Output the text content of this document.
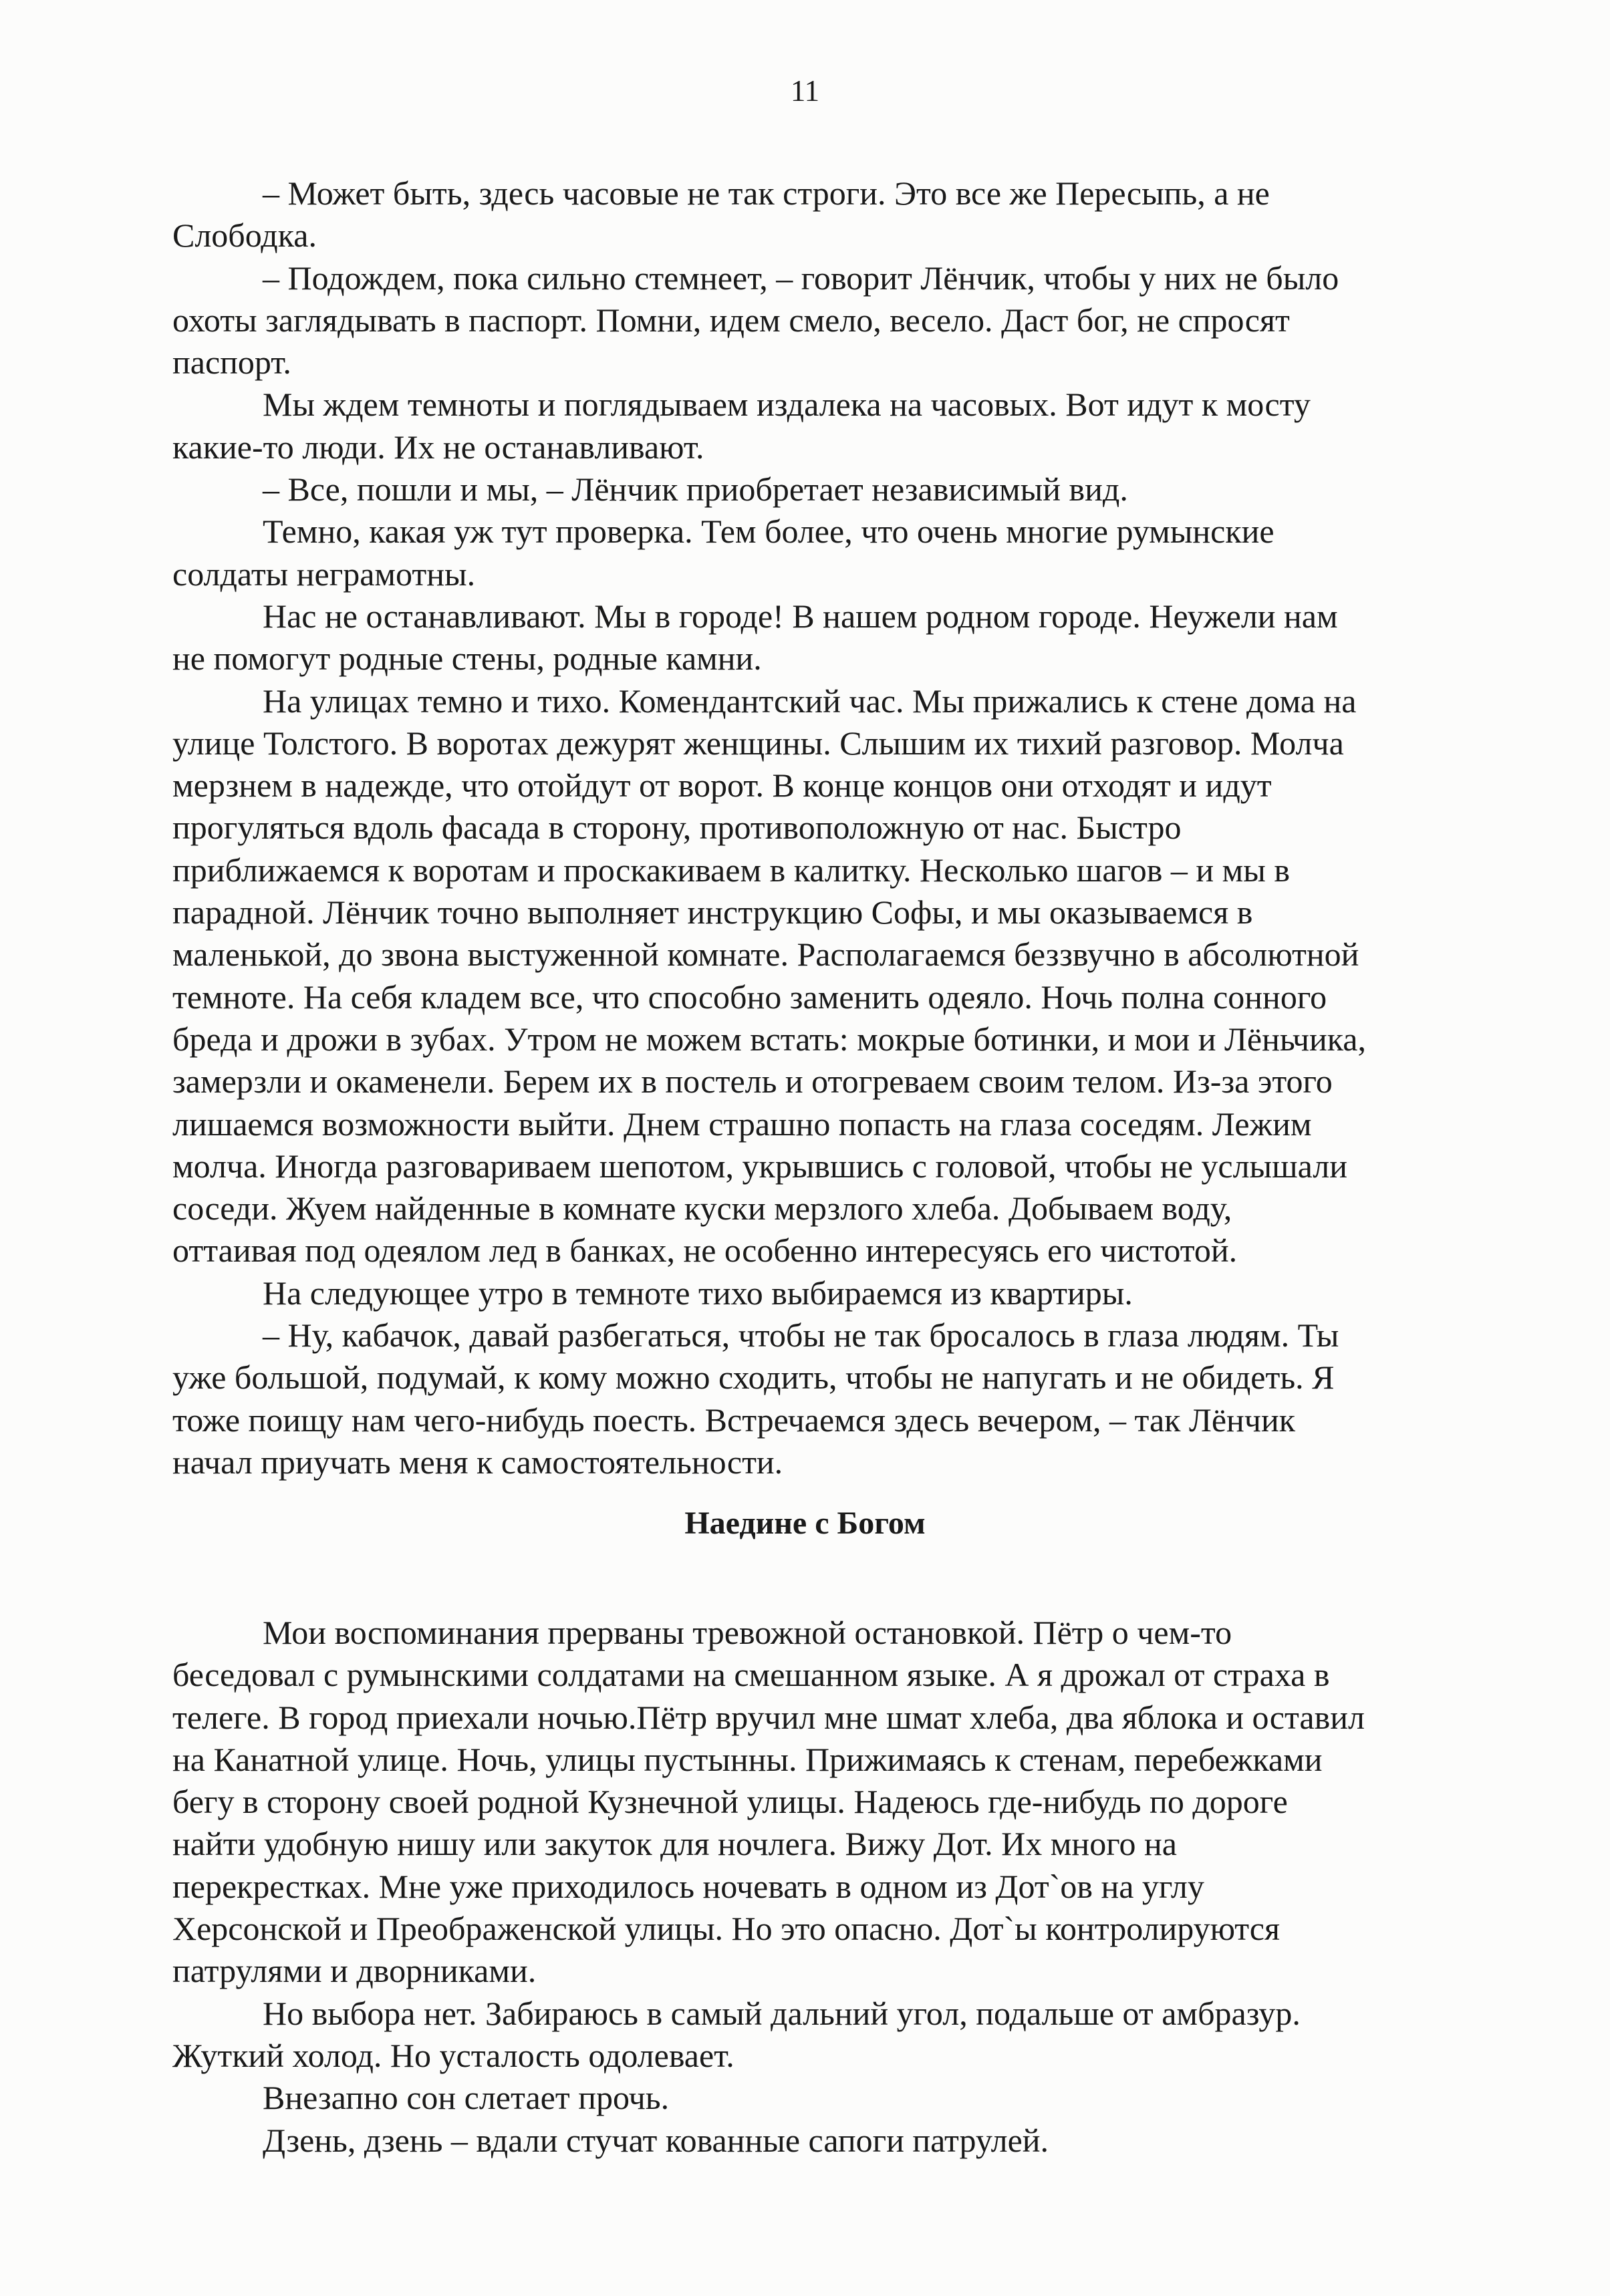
11

– Может быть, здесь часовые не так строги. Это все же Пересыпь, а не
Слободка.

– Подождем, пока сильно стемнеет, – говорит Лёнчик, чтобы у них не было
охоты заглядывать в паспорт. Помни, идем смело, весело. Даст бог, не спросят
паспорт.

Мы ждем темноты и поглядываем издалека на часовых. Вот идут к мосту
какие-то люди. Их не останавливают.

– Все, пошли и мы, – Лёнчик приобретает независимый вид.

Темно, какая уж тут проверка. Тем более, что очень многие румынские
солдаты неграмотны.

Нас не останавливают. Мы в городе! В нашем родном городе. Неужели нам
не помогут родные стены, родные камни.

На улицах темно и тихо. Комендантский час. Мы прижались к стене дома на
улице Толстого. В воротах дежурят женщины. Слышим их тихий разговор. Молча
мерзнем в надежде, что отойдут от ворот. В конце концов они отходят и идут
прогуляться вдоль фасада в сторону, противоположную от нас. Быстро
приближаемся к воротам и проскакиваем в калитку. Несколько шагов – и мы в
парадной. Лёнчик точно выполняет инструкцию Софы, и мы оказываемся в
маленькой, до звона выстуженной комнате. Располагаемся беззвучно в абсолютной
темноте. На себя кладем все, что способно заменить одеяло. Ночь полна сонного
бреда и дрожи в зубах. Утром не можем встать: мокрые ботинки, и мои и Лёньчика,
замерзли и окаменели. Берем их в постель и отогреваем своим телом. Из-за этого
лишаемся возможности выйти. Днем страшно попасть на глаза соседям. Лежим
молча. Иногда разговариваем шепотом, укрывшись с головой, чтобы не услышали
соседи. Жуем найденные в комнате куски мерзлого хлеба. Добываем воду,
оттаивая под одеялом лед в банках, не особенно интересуясь его чистотой.

На следующее утро в темноте тихо выбираемся из квартиры.

– Ну, кабачок, давай разбегаться, чтобы не так бросалось в глаза людям. Ты
уже большой, подумай, к кому можно сходить, чтобы не напугать и не обидеть. Я
тоже поищу нам чего-нибудь поесть. Встречаемся здесь вечером, – так Лёнчик
начал приучать меня к самостоятельности.

Наедине с Богом

Мои воспоминания прерваны тревожной остановкой. Пётр о чем-то
беседовал с румынскими солдатами на смешанном языке. А я дрожал от страха в
телеге. В город приехали ночью.Пётр вручил мне шмат хлеба, два яблока и оставил
на Канатной улице. Ночь, улицы пустынны. Прижимаясь к стенам, перебежками
бегу в сторону своей родной Кузнечной улицы. Надеюсь где-нибудь по дороге
найти удобную нишу или закуток для ночлега. Вижу Дот. Их много на
перекрестках. Мне уже приходилось ночевать в одном из Дот`ов на углу
Херсонской и Преображенской улицы. Но это опасно. Дот`ы контролируются
патрулями и дворниками.

Но выбора нет. Забираюсь в самый дальний угол, подальше от амбразур.
Жуткий холод. Но усталость одолевает.

Внезапно сон слетает прочь.

Дзень, дзень – вдали стучат кованные сапоги патрулей.
